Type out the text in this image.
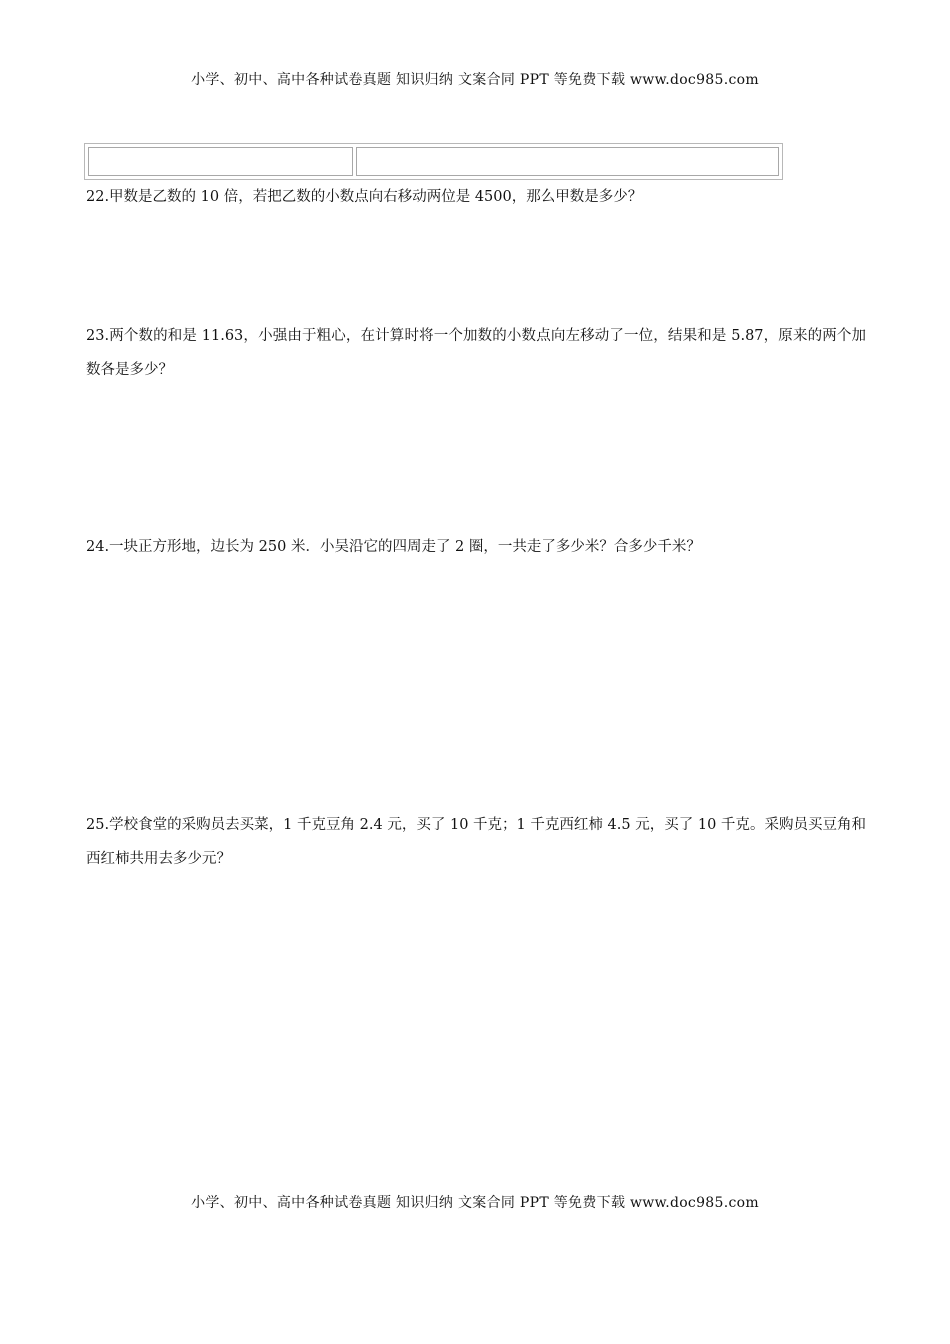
小学、初中、高中各种试卷真题 知识归纳 文案合同 PPT 等免费下载 www.doc985.com
22.甲数是乙数的 10 倍，若把乙数的小数点向右移动两位是 4500，那么甲数是多少？
23.两个数的和是 11.63，小强由于粗心，在计算时将一个加数的小数点向左移动了一位，结果和是 5.87，原来的两个加数各是多少？
24.一块正方形地，边长为 250 米．小吴沿它的四周走了 2 圈，一共走了多少米？合多少千米？
25.学校食堂的采购员去买菜，1 千克豆角 2.4 元，买了 10 千克；1 千克西红柿 4.5 元，买了 10 千克。采购员买豆角和西红柿共用去多少元？
小学、初中、高中各种试卷真题 知识归纳 文案合同 PPT 等免费下载 www.doc985.com
